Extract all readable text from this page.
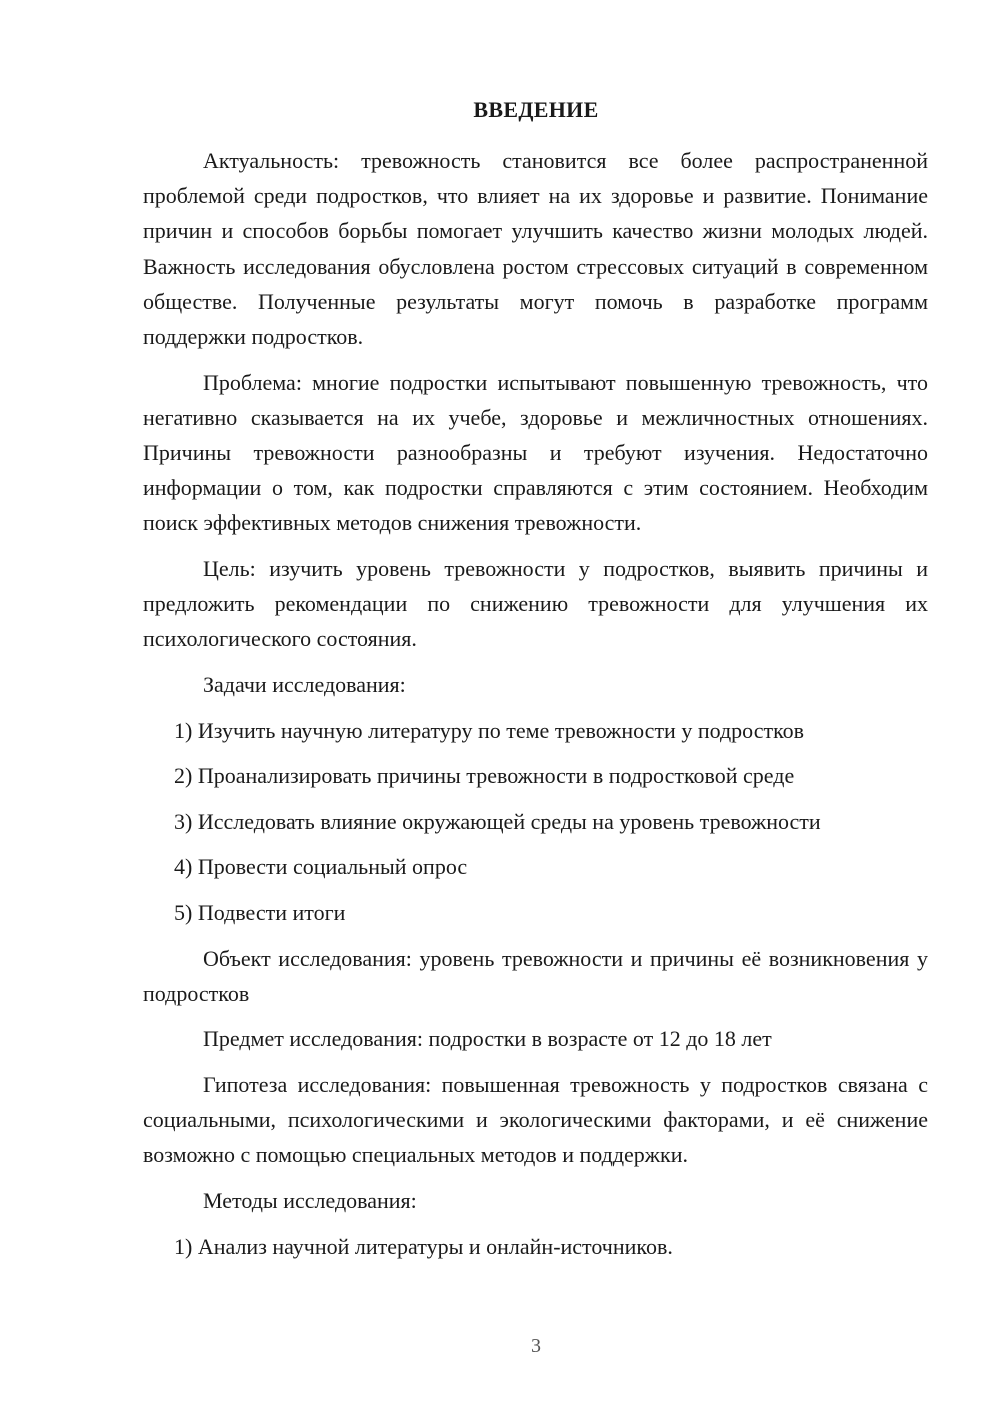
ВВЕДЕНИЕ

Актуальность: тревожность становится все более распространенной проблемой среди подростков, что влияет на их здоровье и развитие. Понимание причин и способов борьбы помогает улучшить качество жизни молодых людей. Важность исследования обусловлена ростом стрессовых ситуаций в современном обществе. Полученные результаты могут помочь в разработке программ поддержки подростков.

Проблема: многие подростки испытывают повышенную тревожность, что негативно сказывается на их учебе, здоровье и межличностных отношениях. Причины тревожности разнообразны и требуют изучения. Недостаточно информации о том, как подростки справляются с этим состоянием. Необходим поиск эффективных методов снижения тревожности.

Цель: изучить уровень тревожности у подростков, выявить причины и предложить рекомендации по снижению тревожности для улучшения их психологического состояния.

Задачи исследования:

1) Изучить научную литературу по теме тревожности у подростков

2) Проанализировать причины тревожности в подростковой среде

3) Исследовать влияние окружающей среды на уровень тревожности

4) Провести социальный опрос

5) Подвести итоги

Объект исследования: уровень тревожности и причины её возникновения у подростков

Предмет исследования: подростки в возрасте от 12 до 18 лет

Гипотеза исследования: повышенная тревожность у подростков связана с социальными, психологическими и экологическими факторами, и её снижение возможно с помощью специальных методов и поддержки.

Методы исследования:

1) Анализ научной литературы и онлайн-источников.

3
